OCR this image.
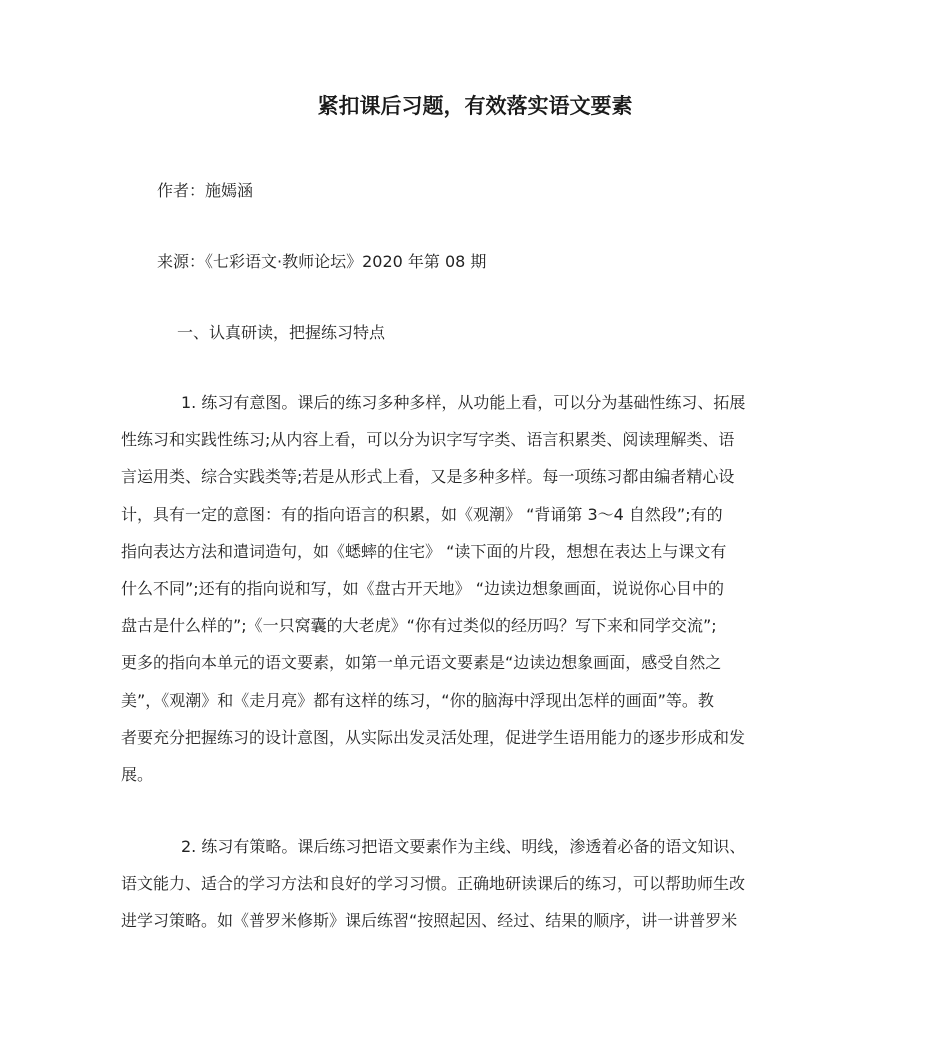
紧扣课后习题，有效落实语文要素

作者：施嫣涵

来源：《七彩语文·教师论坛》2020 年第 08 期

一、认真研读，把握练习特点

1. 练习有意图。课后的练习多种多样，从功能上看，可以分为基础性练习、拓展
性练习和实践性练习;从内容上看，可以分为识字写字类、语言积累类、阅读理解类、语
言运用类、综合实践类等;若是从形式上看，又是多种多样。每一项练习都由编者精心设
计，具有一定的意图：有的指向语言的积累，如《观潮》 “背诵第 3～4 自然段”;有的
指向表达方法和遣词造句，如《蟋蟀的住宅》 “读下面的片段，想想在表达上与课文有
什么不同”;还有的指向说和写，如《盘古开天地》 “边读边想象画面，说说你心目中的
盘古是什么样的”;《一只窝囊的大老虎》“你有过类似的经历吗？写下来和同学交流”;
更多的指向本单元的语文要素，如第一单元语文要素是“边读边想象画面，感受自然之
美”，《观潮》和《走月亮》都有这样的练习，“你的脑海中浮现出怎样的画面”等。教
者要充分把握练习的设计意图，从实际出发灵活处理，促进学生语用能力的逐步形成和发
展。

2. 练习有策略。课后练习把语文要素作为主线、明线，渗透着必备的语文知识、
语文能力、适合的学习方法和良好的学习习惯。正确地研读课后的练习，可以帮助师生改
进学习策略。如《普罗米修斯》课后练習“按照起因、经过、结果的顺序，讲一讲普罗米
